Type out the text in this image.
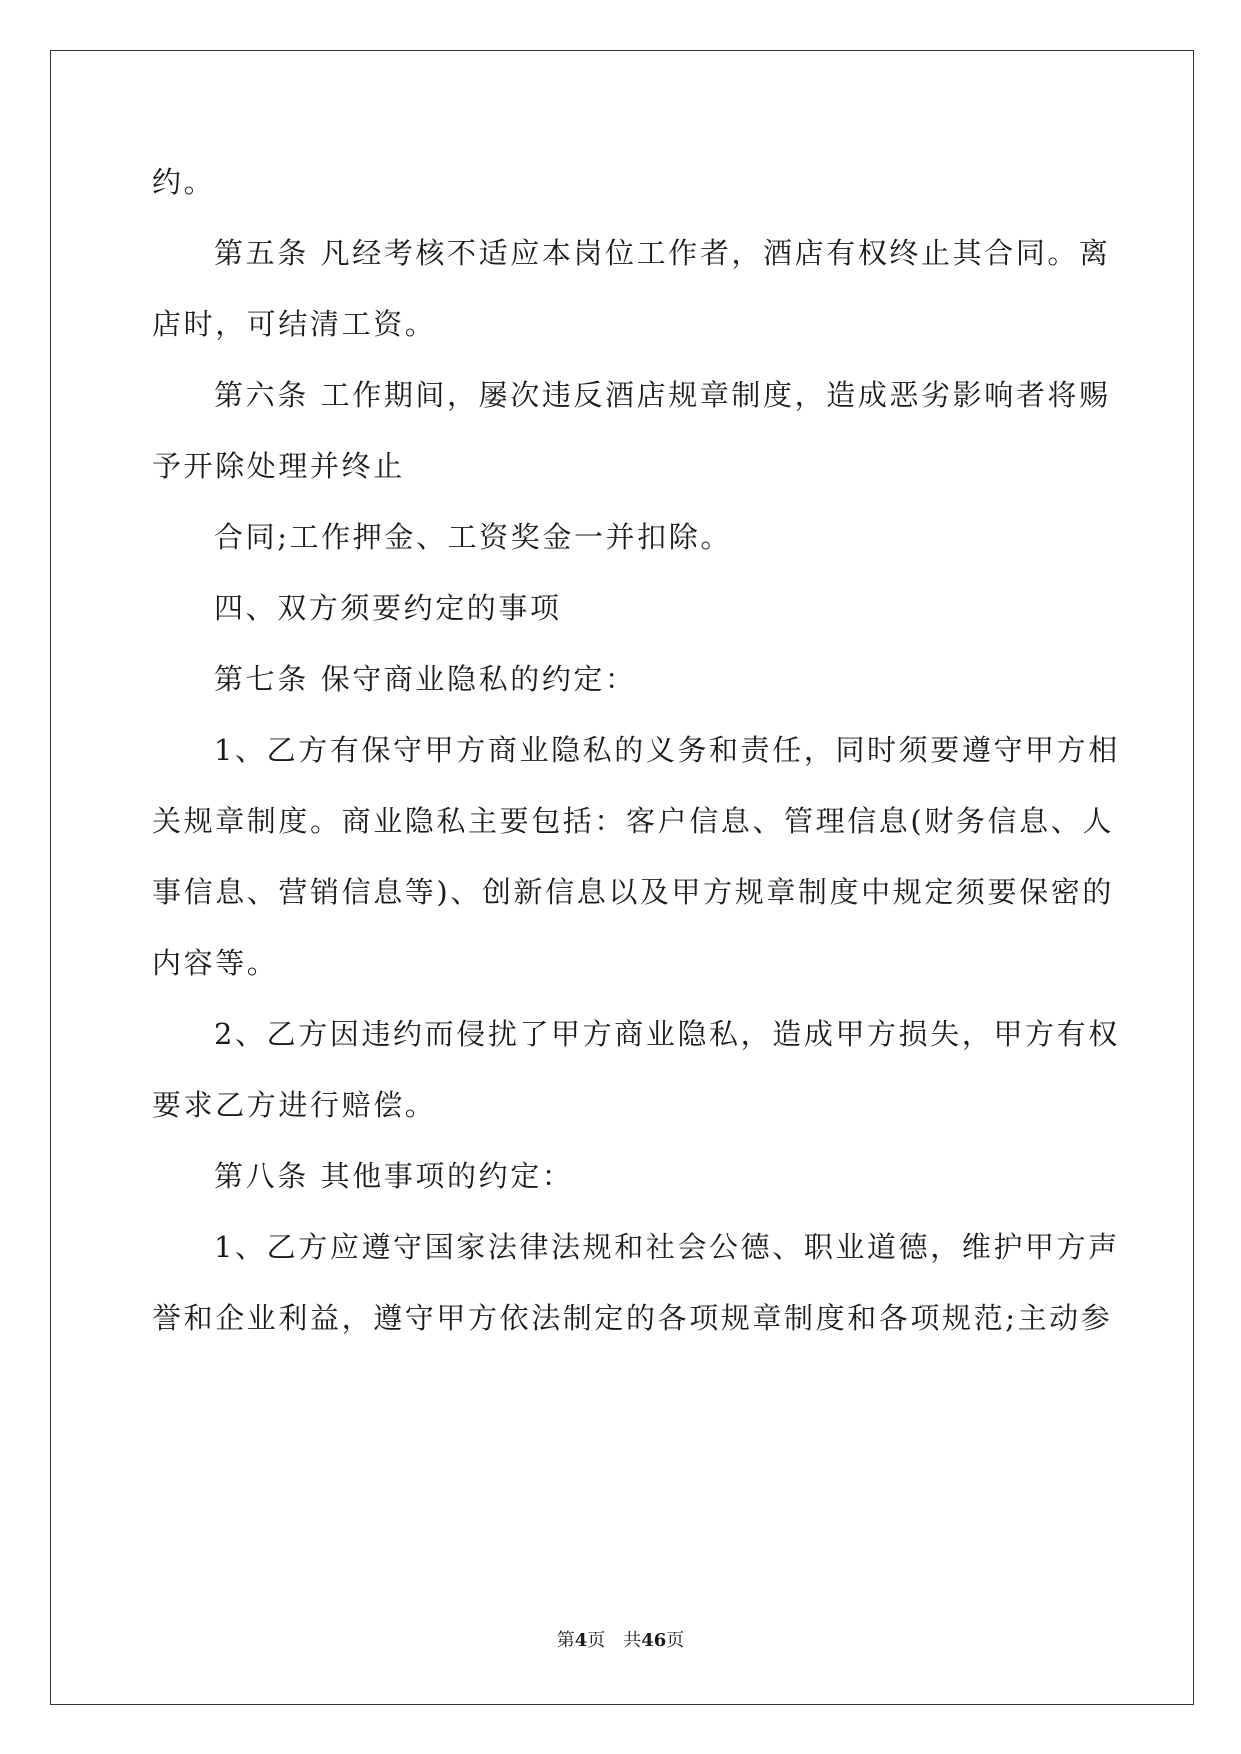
约。
第五条 凡经考核不适应本岗位工作者，酒店有权终止其合同。离
店时，可结清工资。
第六条 工作期间，屡次违反酒店规章制度，造成恶劣影响者将赐
予开除处理并终止
合同;工作押金、工资奖金一并扣除。
四、双方须要约定的事项
第七条 保守商业隐私的约定：
1、乙方有保守甲方商业隐私的义务和责任，同时须要遵守甲方相
关规章制度。商业隐私主要包括：客户信息、管理信息(财务信息、人
事信息、营销信息等)、创新信息以及甲方规章制度中规定须要保密的
内容等。
2、乙方因违约而侵扰了甲方商业隐私，造成甲方损失，甲方有权
要求乙方进行赔偿。
第八条 其他事项的约定：
1、乙方应遵守国家法律法规和社会公德、职业道德，维护甲方声
誉和企业利益，遵守甲方依法制定的各项规章制度和各项规范;主动参
第4页　共46页
